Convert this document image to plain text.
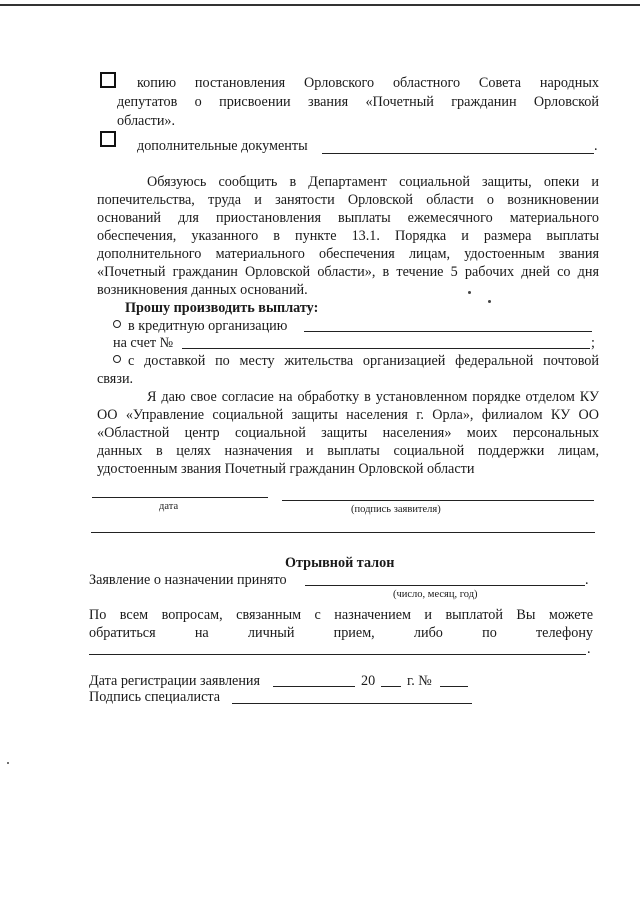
копию постановления Орловского областного Совета народных
депутатов о присвоении звания «Почетный гражданин Орловской
области».
дополнительные документы	.
Обязуюсь сообщить в Департамент социальной защиты, опеки и
попечительства, труда и занятости Орловской области о возникновении
оснований для приостановления выплаты ежемесячного материального
обеспечения, указанного в пункте 13.1. Порядка и размера выплаты
дополнительного материального обеспечения лицам, удостоенным звания
«Почетный гражданин Орловской области», в течение 5 рабочих дней со дня
возникновения данных оснований.
Прошу производить выплату:
в кредитную организацию
на счет №	;
с доставкой по месту жительства организацией федеральной почтовой
связи.
Я даю свое согласие на обработку в установленном порядке отделом КУ
ОО «Управление социальной защиты населения г. Орла», филиалом КУ ОО
«Областной центр социальной защиты населения» моих персональных
данных в целях назначения и выплаты социальной поддержки лицам,
удостоенным звания Почетный гражданин Орловской области
дата	(подпись заявителя)
Отрывной талон
Заявление о назначении принято	.
(число, месяц, год)
По всем вопросам, связанным с назначением и выплатой Вы можете
обратиться на личный прием, либо по телефону
.
Дата регистрации заявления	20 г. №
Подпись специалиста
